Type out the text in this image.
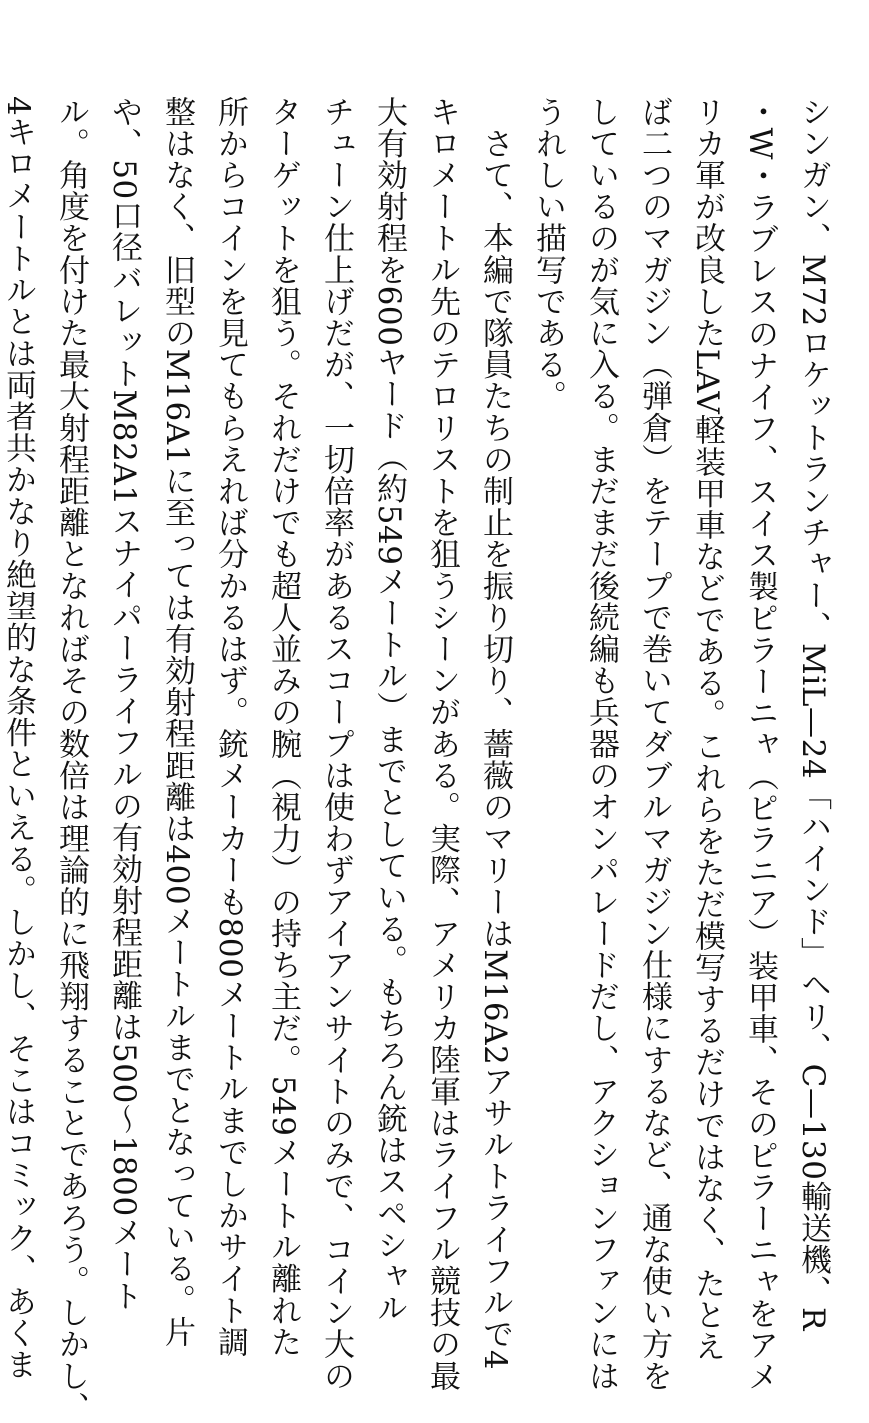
シンガン、M72ロケットランチャー、MiL—24「ハインド」ヘリ、C—130輸送機、R
・W・ラブレスのナイフ、スイス製ピラーニャ（ピラニア）装甲車、そのピラーニャをアメ
リカ軍が改良したLAV軽装甲車などである。これらをただ模写するだけではなく、たとえ
ば二つのマガジン（弾倉）をテープで巻いてダブルマガジン仕様にするなど、通な使い方を
しているのが気に入る。まだまだ後続編も兵器のオンパレードだし、アクションファンには
うれしい描写である。
　さて、本編で隊員たちの制止を振り切り、薔薇のマリーはM16A2アサルトライフルで4
キロメートル先のテロリストを狙うシーンがある。実際、アメリカ陸軍はライフル競技の最
大有効射程を600ヤード（約549メートル）までとしている。もちろん銃はスペシャル
チューン仕上げだが、一切倍率があるスコープは使わずアイアンサイトのみで、コイン大の
ターゲットを狙う。それだけでも超人並みの腕（視力）の持ち主だ。549メートル離れた
所からコインを見てもらえれば分かるはず。銃メーカーも800メートルまでしかサイト調
整はなく、旧型のM16A1に至っては有効射程距離は400メートルまでとなっている。片
や、50口径バレットM82A1スナイパーライフルの有効射程距離は500〜1800メート
ル。角度を付けた最大射程距離となればその数倍は理論的に飛翔することであろう。しかし、
4キロメートルとは両者共かなり絶望的な条件といえる。しかし、そこはコミック、あくま
